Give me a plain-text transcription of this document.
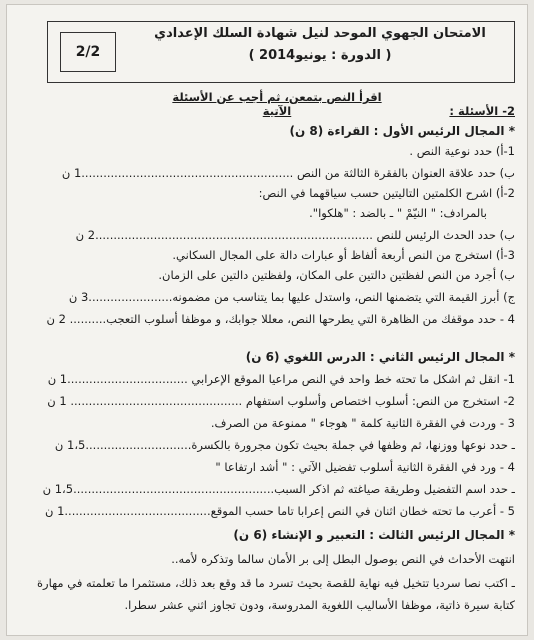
2/2
الامتحان الجهوي الموحد لنيل شهادة السلك الإعدادي
( الدورة : يونيو2014 )
اقرأ النص بتمعن، ثم أجب عن الأسئلة الآتية	2- الأسئلة :
* المجال الرئيس الأول : القراءة (8 ن)
1-أ) حدد نوعية النص .
ب) حدد علاقة العنوان بالفقرة الثالثة من النص ..........................................................1 ن
2-أ) اشرح الكلمتين التاليتين حسب سياقهما في النص:
بالمرادف: " النيّمْ " ـ بالضد : "هلكوا".
ب) حدد الحدث الرئيس للنص ............................................................................2 ن
3-أ) استخرج من النص أربعة ألفاظ أو عبارات دالة على المجال السكاني.
ب) أجرد من النص لفظتين دالتين على المكان، ولفظتين دالتين على الزمان.
ج) أبرز القيمة التي يتضمنها النص، واستدل عليها بما يتناسب من مضمونه.......................3 ن
4 - حدد موقفك من الظاهرة التي يطرحها النص، معللا جوابك، و موظفا أسلوب التعجب.......... 2 ن
* المجال الرئيس الثاني : الدرس اللغوي (6 ن)
1- انقل ثم اشكل ما تحته خط واحد في النص مراعيا الموقع الإعرابي .................................1 ن
2- استخرج من النص: أسلوب اختصاص وأسلوب استفهام ............................................... 1 ن
3 - وردت في الفقرة الثانية كلمة " هوجاء " ممنوعة من الصرف.
ـ حدد نوعها ووزنها، ثم وظفها في جملة بحيث تكون مجرورة بالكسرة.............................1،5 ن
4 - ورد في الفقرة الثانية أسلوب تفضيل الآتي : " أشد ارتفاعا "
ـ حدد اسم التفضيل وطريقة صياغته ثم اذكر السبب.......................................................1،5 ن
5 - أعرب ما تحته خطان اثنان في النص إعرابا تاما حسب الموقع........................................1 ن
* المجال الرئيس الثالث : التعبير و الإنشاء (6 ن)
انتهت الأحداث في النص بوصول البطل إلى بر الأمان سالما وتذكره لأمه..
ـ اكتب نصا سرديا تتخيل فيه نهاية للقصة بحيث تسرد ما قد وقع بعد ذلك، مستثمرا ما تعلمته في مهارة
كتابة سيرة ذاتية، موظفا الأساليب اللغوية المدروسة، ودون تجاوز اثني عشر سطرا.
